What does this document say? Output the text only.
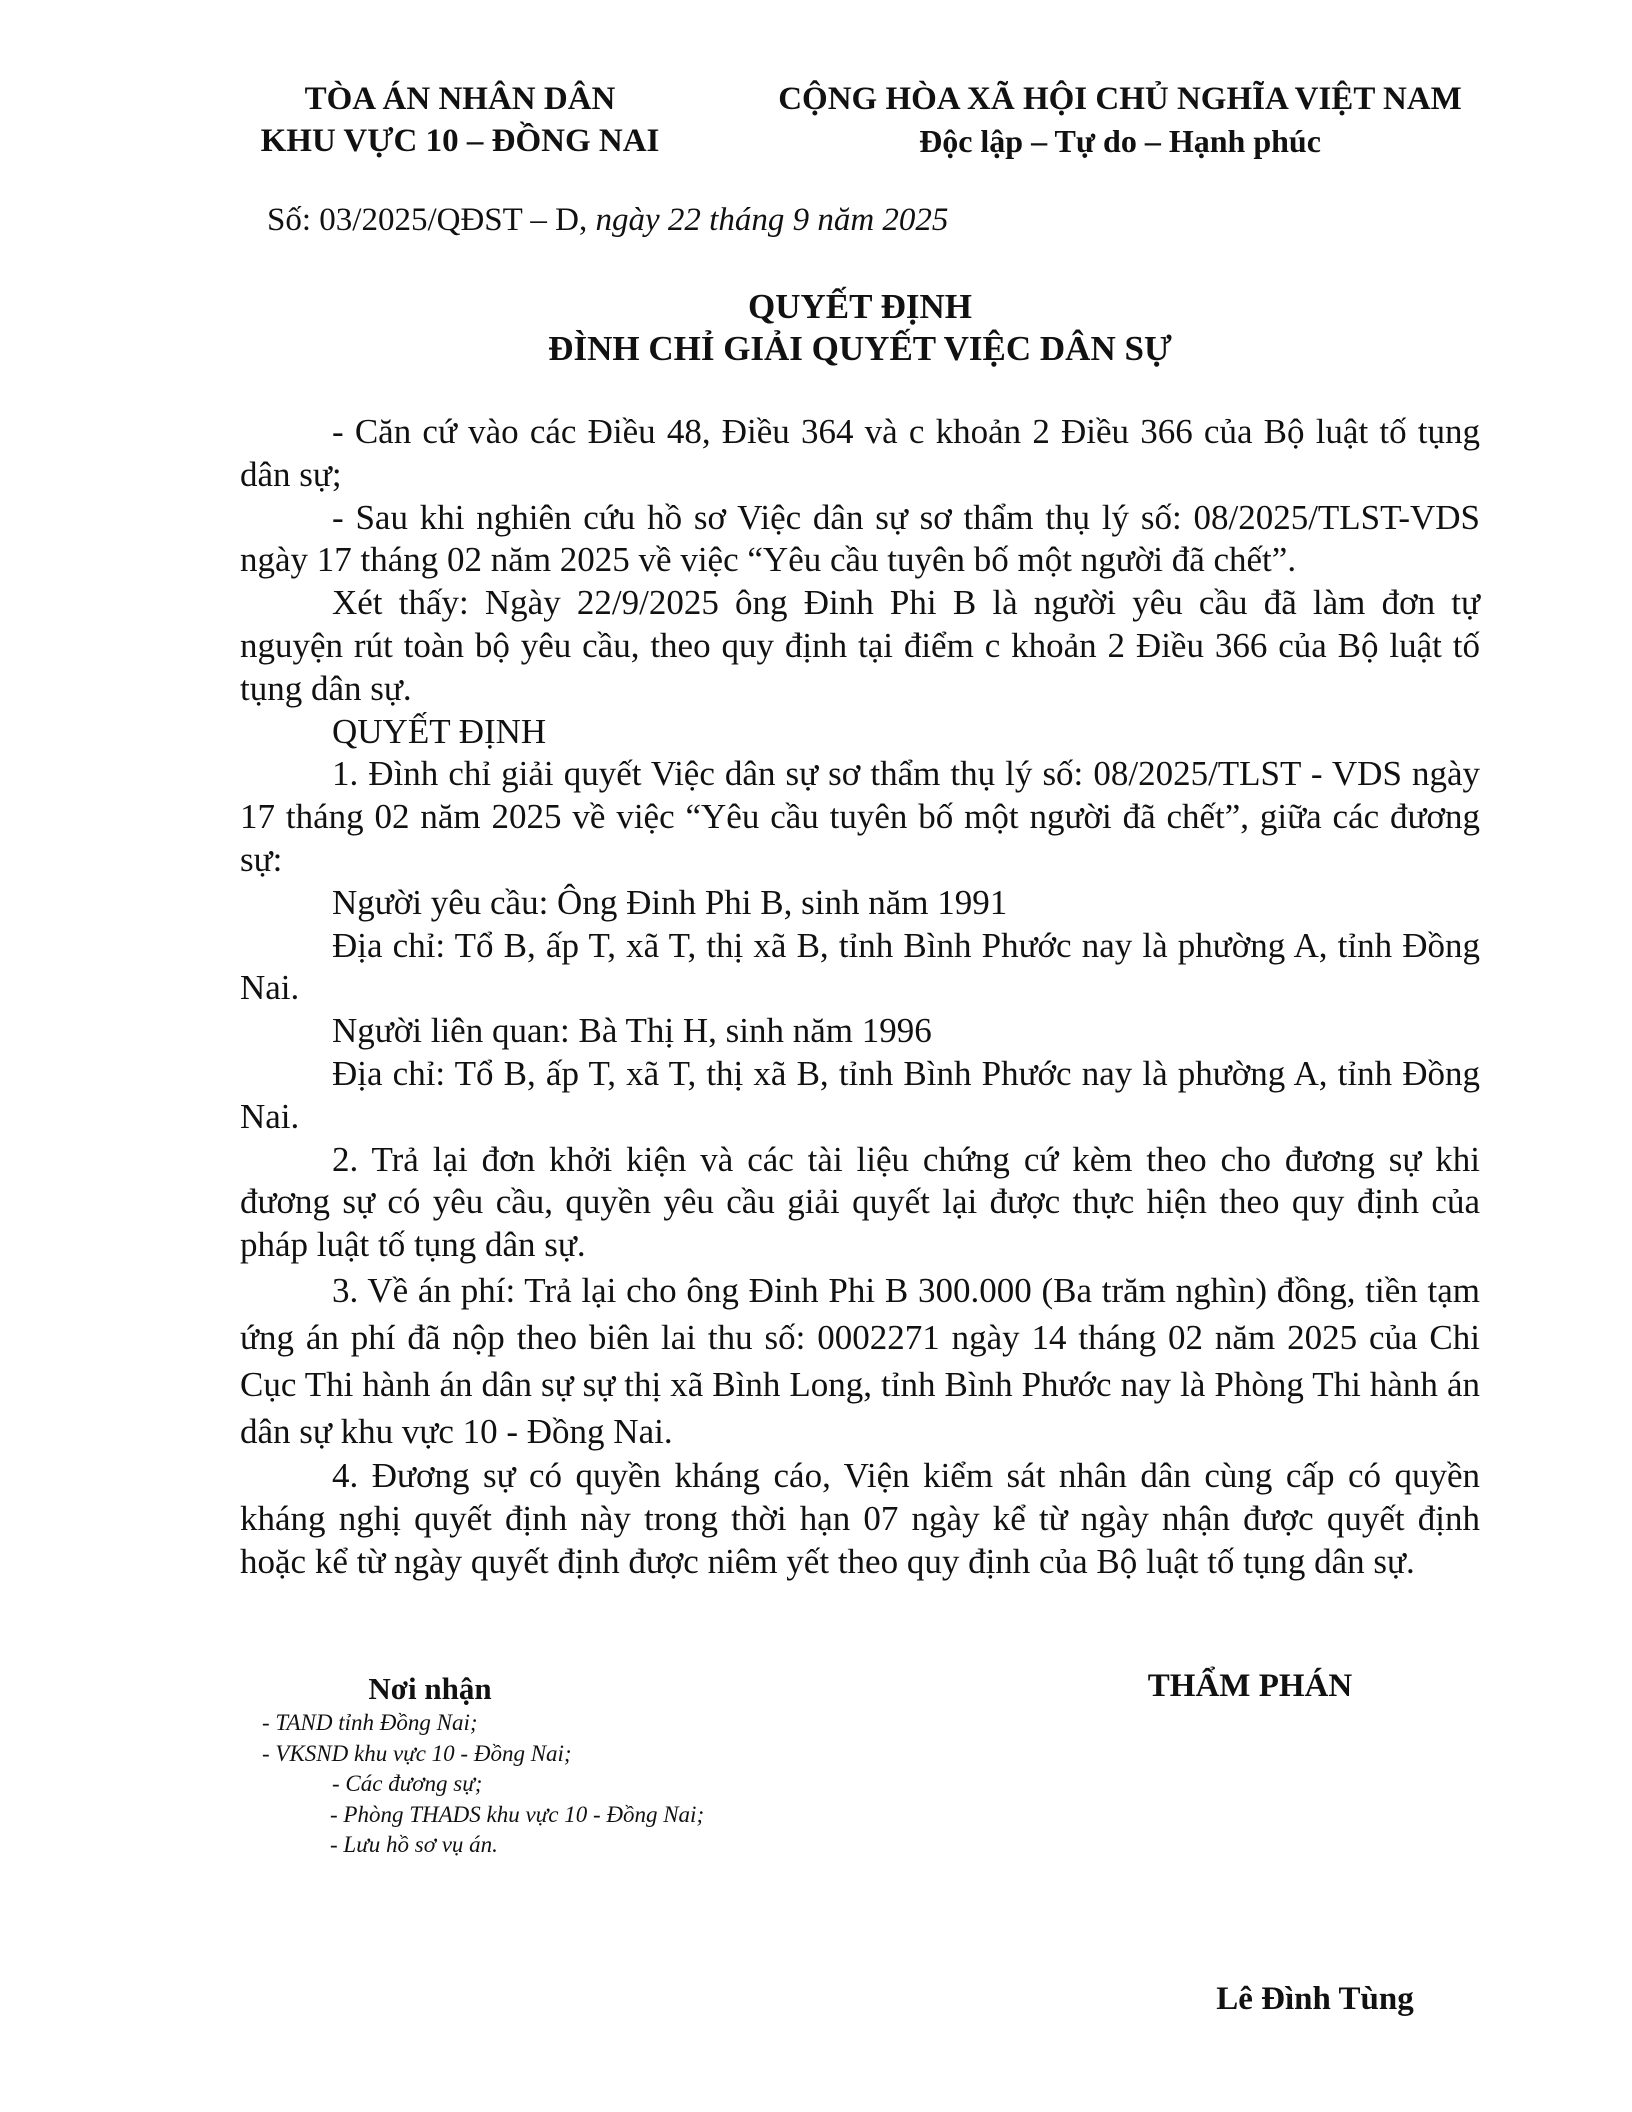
TÒA ÁN NHÂN DÂN
KHU VỰC 10 – ĐỒNG NAI
CỘNG HÒA XÃ HỘI CHỦ NGHĨA VIỆT NAM
Độc lập – Tự do – Hạnh phúc
Số: 03/2025/QĐST – D, ngày 22 tháng 9 năm 2025
QUYẾT ĐỊNH
ĐÌNH CHỈ GIẢI QUYẾT VIỆC DÂN SỰ

- Căn cứ vào các Điều 48, Điều 364 và c khoản 2 Điều 366 của Bộ luật tố tụng dân sự;

- Sau khi nghiên cứu hồ sơ Việc dân sự sơ thẩm thụ lý số: 08/2025/TLST-VDS ngày 17 tháng 02 năm 2025 về việc “Yêu cầu tuyên bố một người đã chết”.

Xét thấy: Ngày 22/9/2025 ông Đinh Phi B là người yêu cầu đã làm đơn tự nguyện rút toàn bộ yêu cầu, theo quy định tại điểm c khoản 2 Điều 366 của Bộ luật tố tụng dân sự.

QUYẾT ĐỊNH

1. Đình chỉ giải quyết Việc dân sự sơ thẩm thụ lý số: 08/2025/TLST - VDS ngày 17 tháng 02 năm 2025 về việc “Yêu cầu tuyên bố một người đã chết”, giữa các đương sự:

Người yêu cầu: Ông Đinh Phi B, sinh năm 1991

Địa chỉ: Tổ B, ấp T, xã T, thị xã B, tỉnh Bình Phước nay là phường A, tỉnh Đồng Nai.

Người liên quan: Bà Thị H, sinh năm 1996

Địa chỉ: Tổ B, ấp T, xã T, thị xã B, tỉnh Bình Phước nay là phường A, tỉnh Đồng Nai.

2. Trả lại đơn khởi kiện và các tài liệu chứng cứ kèm theo cho đương sự khi đương sự có yêu cầu, quyền yêu cầu giải quyết lại được thực hiện theo quy định của pháp luật tố tụng dân sự.

3. Về án phí: Trả lại cho ông Đinh Phi B 300.000 (Ba trăm nghìn) đồng, tiền tạm ứng án phí đã nộp theo biên lai thu số: 0002271 ngày 14 tháng 02 năm 2025 của Chi Cục Thi hành án dân sự sự thị xã Bình Long, tỉnh Bình Phước nay là Phòng Thi hành án dân sự khu vực 10 - Đồng Nai.

4. Đương sự có quyền kháng cáo, Viện kiểm sát nhân dân cùng cấp có quyền kháng nghị quyết định này trong thời hạn 07 ngày kể từ ngày nhận được quyết định hoặc kể từ ngày quyết định được niêm yết theo quy định của Bộ luật tố tụng dân sự.

Nơi nhận
- TAND tỉnh Đồng Nai;
- VKSND khu vực 10 - Đồng Nai;
- Các đương sự;
- Phòng THADS khu vực 10 - Đồng Nai;
- Lưu hồ sơ vụ án.
THẨM PHÁN
Lê Đình Tùng
